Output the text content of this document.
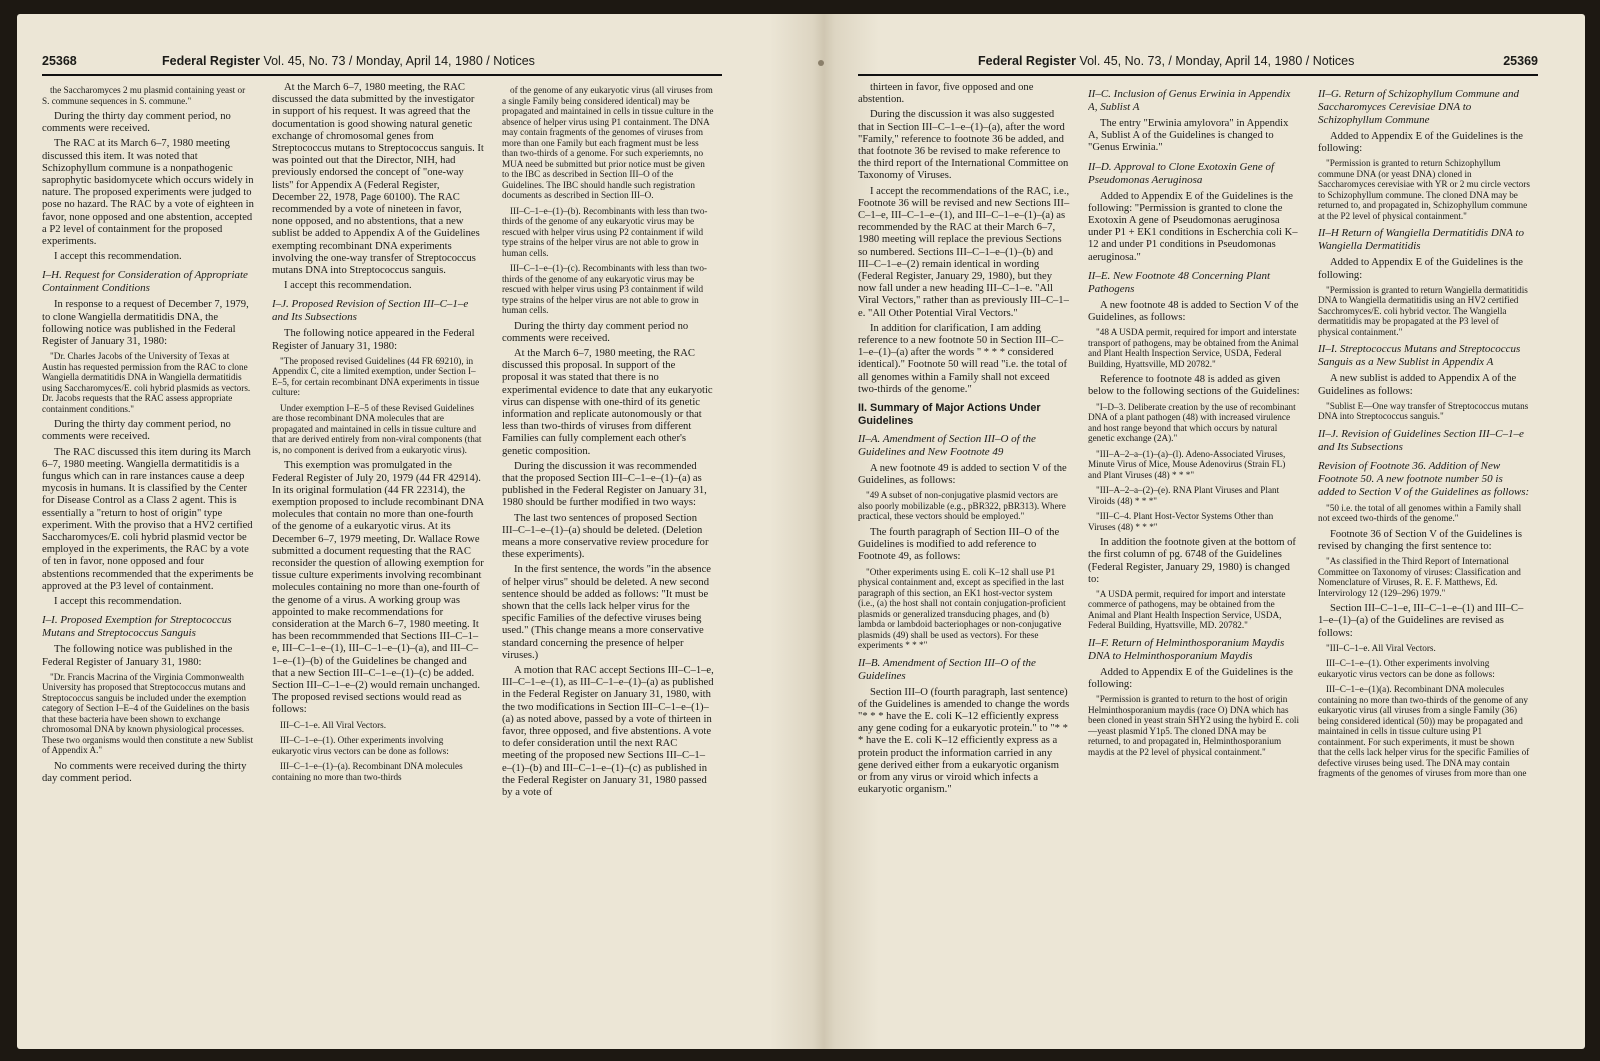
25368	Federal Register Vol. 45, No. 73 / Monday, April 14, 1980 / Notices

the Saccharomyces 2 mu plasmid containing yeast or S. commune sequences in S. commune."

During the thirty day comment period, no comments were received.

The RAC at its March 6–7, 1980 meeting discussed this item. It was noted that Schizophyllum commune is a nonpathogenic saprophytic basidomycete which occurs widely in nature. The proposed experiments were judged to pose no hazard. The RAC by a vote of eighteen in favor, none opposed and one abstention, accepted a P2 level of containment for the proposed experiments.

I accept this recommendation.

I–H. Request for Consideration of Appropriate Containment Conditions

In response to a request of December 7, 1979, to clone Wangiella dermatitidis DNA, the following notice was published in the Federal Register of January 31, 1980:

"Dr. Charles Jacobs of the University of Texas at Austin has requested permission from the RAC to clone Wangiella dermatitidis DNA in Wangiella dermatitidis using Saccharomyces/E. coli hybrid plasmids as vectors. Dr. Jacobs requests that the RAC assess appropriate containment conditions."

During the thirty day comment period, no comments were received.

The RAC discussed this item during its March 6–7, 1980 meeting. Wangiella dermatitidis is a fungus which can in rare instances cause a deep mycosis in humans. It is classified by the Center for Disease Control as a Class 2 agent. This is essentially a "return to host of origin" type experiment. With the proviso that a HV2 certified Saccharomyces/E. coli hybrid plasmid vector be employed in the experiments, the RAC by a vote of ten in favor, none opposed and four abstentions recommended that the experiments be approved at the P3 level of containment.

I accept this recommendation.

I–I. Proposed Exemption for Streptococcus Mutans and Streptococcus Sanguis

The following notice was published in the Federal Register of January 31, 1980:

"Dr. Francis Macrina of the Virginia Commonwealth University has proposed that Streptococcus mutans and Streptococcus sanguis be included under the exemption category of Section I–E–4 of the Guidelines on the basis that these bacteria have been shown to exchange chromosomal DNA by known physiological processes. These two organisms would then constitute a new Sublist of Appendix A."

No comments were received during the thirty day comment period.

At the March 6–7, 1980 meeting, the RAC discussed the data submitted by the investigator in support of his request. It was agreed that the documentation is good showing natural genetic exchange of chromosomal genes from Streptococcus mutans to Streptococcus sanguis. It was pointed out that the Director, NIH, had previously endorsed the concept of "one-way lists" for Appendix A (Federal Register, December 22, 1978, Page 60100). The RAC recommended by a vote of nineteen in favor, none opposed, and no abstentions, that a new sublist be added to Appendix A of the Guidelines exempting recombinant DNA experiments involving the one-way transfer of Streptococcus mutans DNA into Streptococcus sanguis.

I accept this recommendation.

I–J. Proposed Revision of Section III–C–1–e and Its Subsections

The following notice appeared in the Federal Register of January 31, 1980:

"The proposed revised Guidelines (44 FR 69210), in Appendix C, cite a limited exemption, under Section I–E–5, for certain recombinant DNA experiments in tissue culture:

Under exemption I–E–5 of these Revised Guidelines are those recombinant DNA molecules that are propagated and maintained in cells in tissue culture and that are derived entirely from non-viral components (that is, no component is derived from a eukaryotic virus).

This exemption was promulgated in the Federal Register of July 20, 1979 (44 FR 42914). In its original formulation (44 FR 22314), the exemption proposed to include recombinant DNA molecules that contain no more than one-fourth of the genome of a eukaryotic virus. At its December 6–7, 1979 meeting, Dr. Wallace Rowe submitted a document requesting that the RAC reconsider the question of allowing exemption for tissue culture experiments involving recombinant molecules containing no more than one-fourth of the genome of a virus. A working group was appointed to make recommendations for consideration at the March 6–7, 1980 meeting. It has been recommmended that Sections III–C–1–e, III–C–1–e–(1), III–C–1–e–(1)–(a), and III–C–1–e–(1)–(b) of the Guidelines be changed and that a new Section III–C–1–e–(1)–(c) be added. Section III–C–1–e–(2) would remain unchanged. The proposed revised sections would read as follows:

III–C–1–e. All Viral Vectors.

III–C–1–e–(1). Other experiments involving eukaryotic virus vectors can be done as follows:

III–C–1–e–(1)–(a). Recombinant DNA molecules containing no more than two-thirds

of the genome of any eukaryotic virus (all viruses from a single Family being considered identical) may be propagated and maintained in cells in tissue culture in the absence of helper virus using P1 containment. The DNA may contain fragments of the genomes of viruses from more than one Family but each fragment must be less than two-thirds of a genome. For such experiemnts, no MUA need be submitted but prior notice must be given to the IBC as described in Section III–O of the Guidelines. The IBC should handle such registration documents as described in Section III–O.

III–C–1–e–(1)–(b). Recombinants with less than two-thirds of the genome of any eukaryotic virus may be rescued with helper virus using P2 containment if wild type strains of the helper virus are not able to grow in human cells.

III–C–1–e–(1)–(c). Recombinants with less than two-thirds of the genome of any eukaryotic virus may be rescued with helper virus using P3 containment if wild type strains of the helper virus are not able to grow in human cells.

During the thirty day comment period no comments were received.

At the March 6–7, 1980 meeting, the RAC discussed this proposal. In support of the proposal it was stated that there is no experimental evidence to date that any eukaryotic virus can dispense with one-third of its genetic information and replicate autonomously or that less than two-thirds of viruses from different Families can fully complement each other's genetic composition.

During the discussion it was recommended that the proposed Section III–C–1–e–(1)–(a) as published in the Federal Register on January 31, 1980 should be further modified in two ways:

The last two sentences of proposed Section III–C–1–e–(1)–(a) should be deleted. (Deletion means a more conservative review procedure for these experiments).

In the first sentence, the words "in the absence of helper virus" should be deleted. A new second sentence should be added as follows: "It must be shown that the cells lack helper virus for the specific Families of the defective viruses being used." (This change means a more conservative standard concerning the presence of helper viruses.)

A motion that RAC accept Sections III–C–1–e, III–C–1–e–(1), as III–C–1–e–(1)–(a) as published in the Federal Register on January 31, 1980, with the two modifications in Section III–C–1–e–(1)–(a) as noted above, passed by a vote of thirteen in favor, three opposed, and five abstentions. A vote to defer consideration until the next RAC meeting of the proposed new Sections III–C–1–e–(1)–(b) and III–C–1–e–(1)–(c) as published in the Federal Register on January 31, 1980 passed by a vote of

Federal Register Vol. 45, No. 73, / Monday, April 14, 1980 / Notices	25369

thirteen in favor, five opposed and one abstention.

During the discussion it was also suggested that in Section III–C–1–e–(1)–(a), after the word "Family," reference to footnote 36 be added, and that footnote 36 be revised to make reference to the third report of the International Committee on Taxonomy of Viruses.

I accept the recommendations of the RAC, i.e., Footnote 36 will be revised and new Sections III–C–1–e, III–C–1–e–(1), and III–C–1–e–(1)–(a) as recommended by the RAC at their March 6–7, 1980 meeting will replace the previous Sections so numbered. Sections III–C–1–e–(1)–(b) and III–C–1–e–(2) remain identical in wording (Federal Register, January 29, 1980), but they now fall under a new heading III–C–1–e. "All Viral Vectors," rather than as previously III–C–1–e. "All Other Potential Viral Vectors."

In addition for clarification, I am adding reference to a new footnote 50 in Section III–C–1–e–(1)–(a) after the words " * * * considered identical)." Footnote 50 will read "i.e. the total of all genomes within a Family shall not exceed two-thirds of the genome."

II. Summary of Major Actions Under Guidelines
II–A. Amendment of Section III–O of the Guidelines and New Footnote 49

A new footnote 49 is added to section V of the Guidelines, as follows:

"49 A subset of non-conjugative plasmid vectors are also poorly mobilizable (e.g., pBR322, pBR313). Where practical, these vectors should be employed."

The fourth paragraph of Section III–O of the Guidelines is modified to add reference to Footnote 49, as follows:

"Other experiments using E. coli K–12 shall use P1 physical containment and, except as specified in the last paragraph of this section, an EK1 host-vector system (i.e., (a) the host shall not contain conjugation-proficient plasmids or generalized transducing phages, and (b) lambda or lambdoid bacteriophages or non-conjugative plasmids (49) shall be used as vectors). For these experiments * * *"

II–B. Amendment of Section III–O of the Guidelines

Section III–O (fourth paragraph, last sentence) of the Guidelines is amended to change the words "* * * have the E. coli K–12 efficiently express any gene coding for a eukaryotic protein." to "* * * have the E. coli K–12 efficiently express as a protein product the information carried in any gene derived either from a eukaryotic organism or from any virus or viroid which infects a eukaryotic organism."

II–C. Inclusion of Genus Erwinia in Appendix A, Sublist A

The entry "Erwinia amylovora" in Appendix A, Sublist A of the Guidelines is changed to "Genus Erwinia."

II–D. Approval to Clone Exotoxin Gene of Pseudomonas Aeruginosa

Added to Appendix E of the Guidelines is the following: "Permission is granted to clone the Exotoxin A gene of Pseudomonas aeruginosa under P1 + EK1 conditions in Escherchia coli K–12 and under P1 conditions in Pseudomonas aeruginosa."

II–E. New Footnote 48 Concerning Plant Pathogens

A new footnote 48 is added to Section V of the Guidelines, as follows:

"48 A USDA permit, required for import and interstate transport of pathogens, may be obtained from the Animal and Plant Health Inspection Service, USDA, Federal Building, Hyattsville, MD 20782."

Reference to footnote 48 is added as given below to the following sections of the Guidelines:

"I–D–3. Deliberate creation by the use of recombinant DNA of a plant pathogen (48) with increased virulence and host range beyond that which occurs by natural genetic exchange (2A)."

"III–A–2–a–(1)–(a)–(l). Adeno-Associated Viruses, Minute Virus of Mice, Mouse Adenovirus (Strain FL) and Plant Viruses (48) * * *"

"III–A–2–a–(2)–(e). RNA Plant Viruses and Plant Viroids (48) * * *"

"III–C–4. Plant Host-Vector Systems Other than Viruses (48) * * *"

In addition the footnote given at the bottom of the first column of pg. 6748 of the Guidelines (Federal Register, January 29, 1980) is changed to:

"A USDA permit, required for import and interstate commerce of pathogens, may be obtained from the Animal and Plant Health Inspection Service, USDA, Federal Building, Hyattsville, MD. 20782."

II–F. Return of Helminthosporanium Maydis DNA to Helminthosporanium Maydis

Added to Appendix E of the Guidelines is the following:

"Permission is granted to return to the host of origin Helminthosporanium maydis (race O) DNA which has been cloned in yeast strain SHY2 using the hybird E. coli—yeast plasmid Y1p5. The cloned DNA may be returned, to and propagated in, Helminthosporanium maydis at the P2 level of physical containment."

II–G. Return of Schizophyllum Commune and Saccharomyces Cerevisiae DNA to Schizophyllum Commune

Added to Appendix E of the Guidelines is the following:

"Permission is granted to return Schizophyllum commune DNA (or yeast DNA) cloned in Saccharomyces cerevisiae with YR or 2 mu circle vectors to Schizophyllum commune. The cloned DNA may be returned to, and propagated in, Schizophyllum commune at the P2 level of physical containment."

II–H Return of Wangiella Dermatitidis DNA to Wangiella Dermatitidis

Added to Appendix E of the Guidelines is the following:

"Permission is granted to return Wangiella dermatitidis DNA to Wangiella dermatitidis using an HV2 certified Sacchromyces/E. coli hybrid vector. The Wangiella dermatitidis may be propagated at the P3 level of physical containment."

II–I. Streptococcus Mutans and Streptococcus Sanguis as a New Sublist in Appendix A

A new sublist is added to Appendix A of the Guidelines as follows:

"Sublist E—One way transfer of Streptococcus mutans DNA into Streptococcus sanguis."

II–J. Revision of Guidelines Section III–C–1–e and Its Subsections
Revision of Footnote 36. Addition of New Footnote 50. A new footnote number 50 is added to Section V of the Guidelines as follows:

"50 i.e. the total of all genomes within a Family shall not exceed two-thirds of the genome."

Footnote 36 of Section V of the Guidelines is revised by changing the first sentence to:

"As classified in the Third Report of International Committee on Taxonomy of viruses: Classification and Nomenclature of Viruses, R. E. F. Matthews, Ed. Intervirology 12 (129–296) 1979."

Section III–C–1–e, III–C–1–e–(1) and III–C–1–e–(1)–(a) of the Guidelines are revised as follows:

"III–C–1–e. All Viral Vectors.

III–C–1–e–(1). Other experiments involving eukaryotic virus vectors can be done as follows:

III–C–1–e–(1)(a). Recombinant DNA molecules containing no more than two-thirds of the genome of any eukaryotic virus (all viruses from a single Family (36) being considered identical (50)) may be propagated and maintained in cells in tissue culture using P1 containment. For such experiments, it must be shown that the cells lack helper virus for the specific Families of defective viruses being used. The DNA may contain fragments of the genomes of viruses from more than one
